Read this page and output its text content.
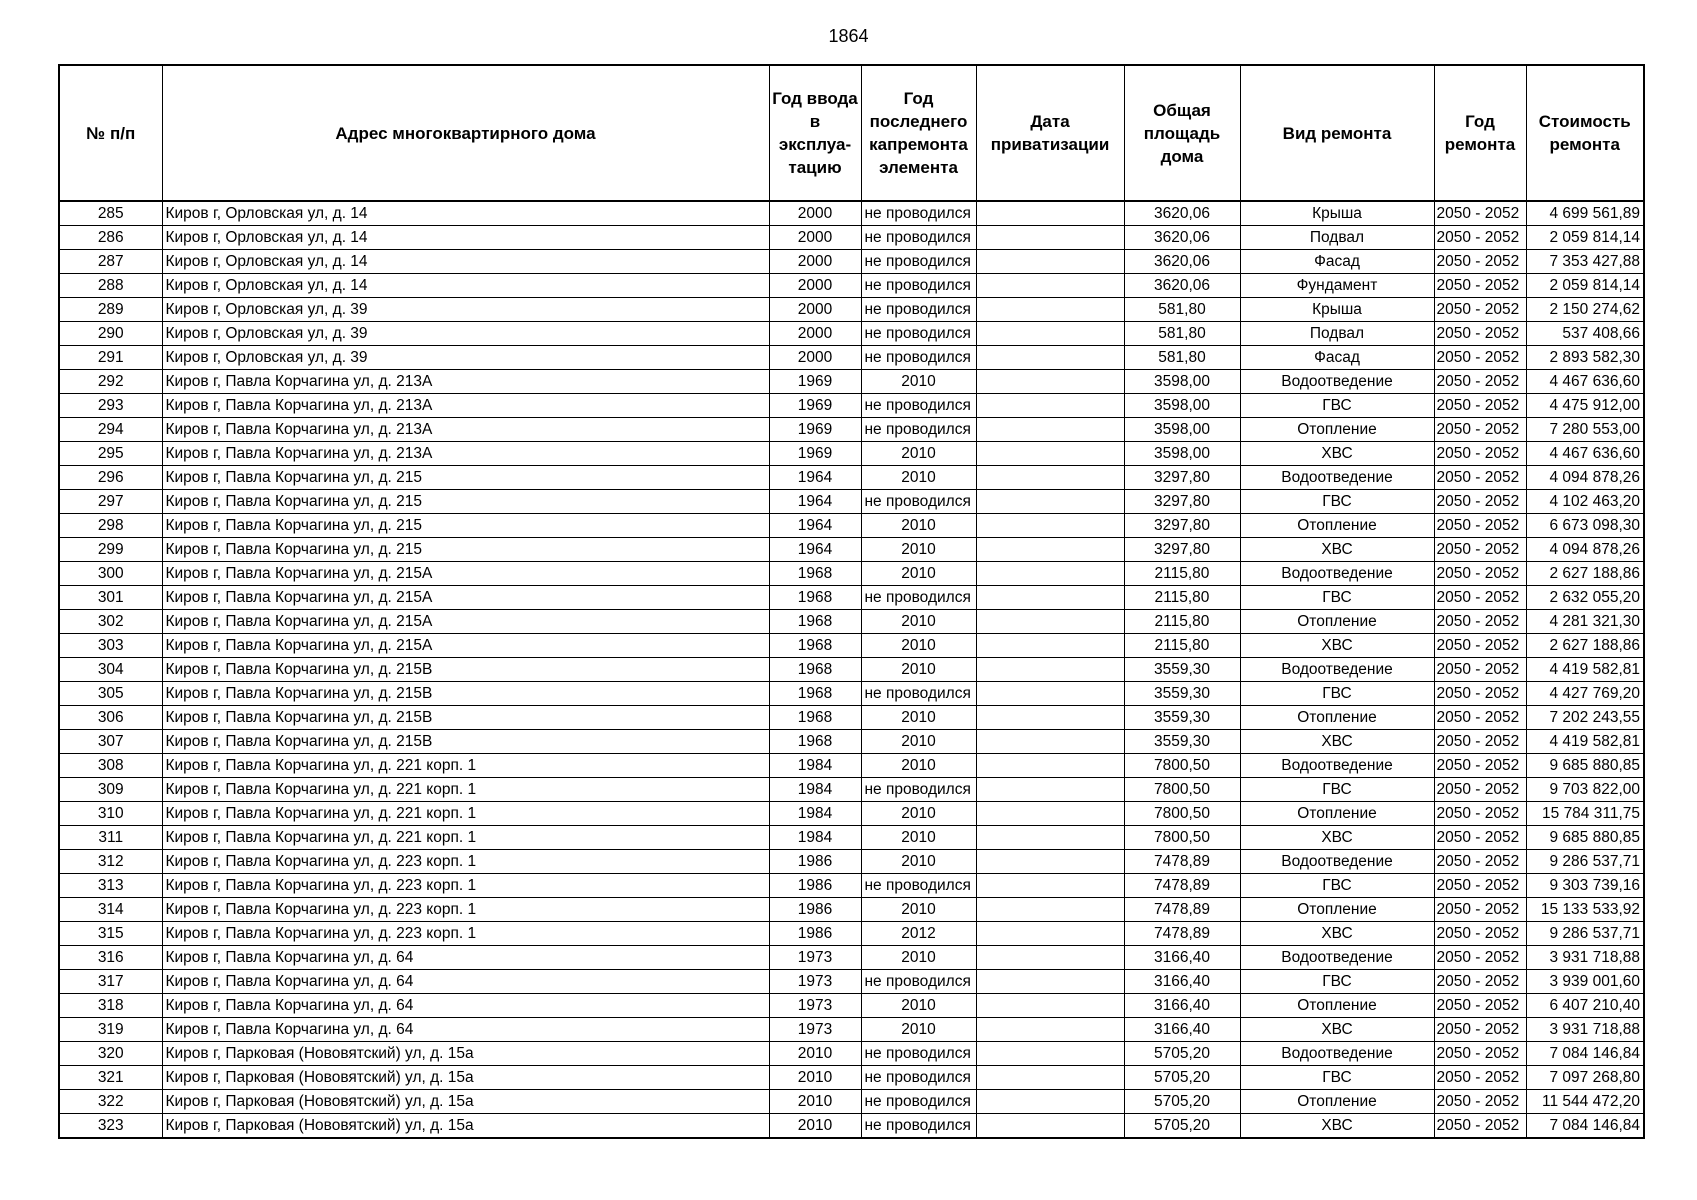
1864
№ п/п	Адрес многоквартирного дома	Год ввода в эксплуа-тацию	Год последнего капремонта элемента	Дата приватизации	Общая площадь дома	Вид ремонта	Год ремонта	Стоимость ремонта
285	Киров г, Орловская ул, д. 14	2000	не проводился		3620,06	Крыша	2050 - 2052	4 699 561,89
286	Киров г, Орловская ул, д. 14	2000	не проводился		3620,06	Подвал	2050 - 2052	2 059 814,14
287	Киров г, Орловская ул, д. 14	2000	не проводился		3620,06	Фасад	2050 - 2052	7 353 427,88
288	Киров г, Орловская ул, д. 14	2000	не проводился		3620,06	Фундамент	2050 - 2052	2 059 814,14
289	Киров г, Орловская ул, д. 39	2000	не проводился		581,80	Крыша	2050 - 2052	2 150 274,62
290	Киров г, Орловская ул, д. 39	2000	не проводился		581,80	Подвал	2050 - 2052	537 408,66
291	Киров г, Орловская ул, д. 39	2000	не проводился		581,80	Фасад	2050 - 2052	2 893 582,30
292	Киров г, Павла Корчагина ул, д. 213А	1969	2010		3598,00	Водоотведение	2050 - 2052	4 467 636,60
293	Киров г, Павла Корчагина ул, д. 213А	1969	не проводился		3598,00	ГВС	2050 - 2052	4 475 912,00
294	Киров г, Павла Корчагина ул, д. 213А	1969	не проводился		3598,00	Отопление	2050 - 2052	7 280 553,00
295	Киров г, Павла Корчагина ул, д. 213А	1969	2010		3598,00	ХВС	2050 - 2052	4 467 636,60
296	Киров г, Павла Корчагина ул, д. 215	1964	2010		3297,80	Водоотведение	2050 - 2052	4 094 878,26
297	Киров г, Павла Корчагина ул, д. 215	1964	не проводился		3297,80	ГВС	2050 - 2052	4 102 463,20
298	Киров г, Павла Корчагина ул, д. 215	1964	2010		3297,80	Отопление	2050 - 2052	6 673 098,30
299	Киров г, Павла Корчагина ул, д. 215	1964	2010		3297,80	ХВС	2050 - 2052	4 094 878,26
300	Киров г, Павла Корчагина ул, д. 215А	1968	2010		2115,80	Водоотведение	2050 - 2052	2 627 188,86
301	Киров г, Павла Корчагина ул, д. 215А	1968	не проводился		2115,80	ГВС	2050 - 2052	2 632 055,20
302	Киров г, Павла Корчагина ул, д. 215А	1968	2010		2115,80	Отопление	2050 - 2052	4 281 321,30
303	Киров г, Павла Корчагина ул, д. 215А	1968	2010		2115,80	ХВС	2050 - 2052	2 627 188,86
304	Киров г, Павла Корчагина ул, д. 215В	1968	2010		3559,30	Водоотведение	2050 - 2052	4 419 582,81
305	Киров г, Павла Корчагина ул, д. 215В	1968	не проводился		3559,30	ГВС	2050 - 2052	4 427 769,20
306	Киров г, Павла Корчагина ул, д. 215В	1968	2010		3559,30	Отопление	2050 - 2052	7 202 243,55
307	Киров г, Павла Корчагина ул, д. 215В	1968	2010		3559,30	ХВС	2050 - 2052	4 419 582,81
308	Киров г, Павла Корчагина ул, д. 221 корп. 1	1984	2010		7800,50	Водоотведение	2050 - 2052	9 685 880,85
309	Киров г, Павла Корчагина ул, д. 221 корп. 1	1984	не проводился		7800,50	ГВС	2050 - 2052	9 703 822,00
310	Киров г, Павла Корчагина ул, д. 221 корп. 1	1984	2010		7800,50	Отопление	2050 - 2052	15 784 311,75
311	Киров г, Павла Корчагина ул, д. 221 корп. 1	1984	2010		7800,50	ХВС	2050 - 2052	9 685 880,85
312	Киров г, Павла Корчагина ул, д. 223 корп. 1	1986	2010		7478,89	Водоотведение	2050 - 2052	9 286 537,71
313	Киров г, Павла Корчагина ул, д. 223 корп. 1	1986	не проводился		7478,89	ГВС	2050 - 2052	9 303 739,16
314	Киров г, Павла Корчагина ул, д. 223 корп. 1	1986	2010		7478,89	Отопление	2050 - 2052	15 133 533,92
315	Киров г, Павла Корчагина ул, д. 223 корп. 1	1986	2012		7478,89	ХВС	2050 - 2052	9 286 537,71
316	Киров г, Павла Корчагина ул, д. 64	1973	2010		3166,40	Водоотведение	2050 - 2052	3 931 718,88
317	Киров г, Павла Корчагина ул, д. 64	1973	не проводился		3166,40	ГВС	2050 - 2052	3 939 001,60
318	Киров г, Павла Корчагина ул, д. 64	1973	2010		3166,40	Отопление	2050 - 2052	6 407 210,40
319	Киров г, Павла Корчагина ул, д. 64	1973	2010		3166,40	ХВС	2050 - 2052	3 931 718,88
320	Киров г, Парковая (Нововятский) ул, д. 15а	2010	не проводился		5705,20	Водоотведение	2050 - 2052	7 084 146,84
321	Киров г, Парковая (Нововятский) ул, д. 15а	2010	не проводился		5705,20	ГВС	2050 - 2052	7 097 268,80
322	Киров г, Парковая (Нововятский) ул, д. 15а	2010	не проводился		5705,20	Отопление	2050 - 2052	11 544 472,20
323	Киров г, Парковая (Нововятский) ул, д. 15а	2010	не проводился		5705,20	ХВС	2050 - 2052	7 084 146,84
